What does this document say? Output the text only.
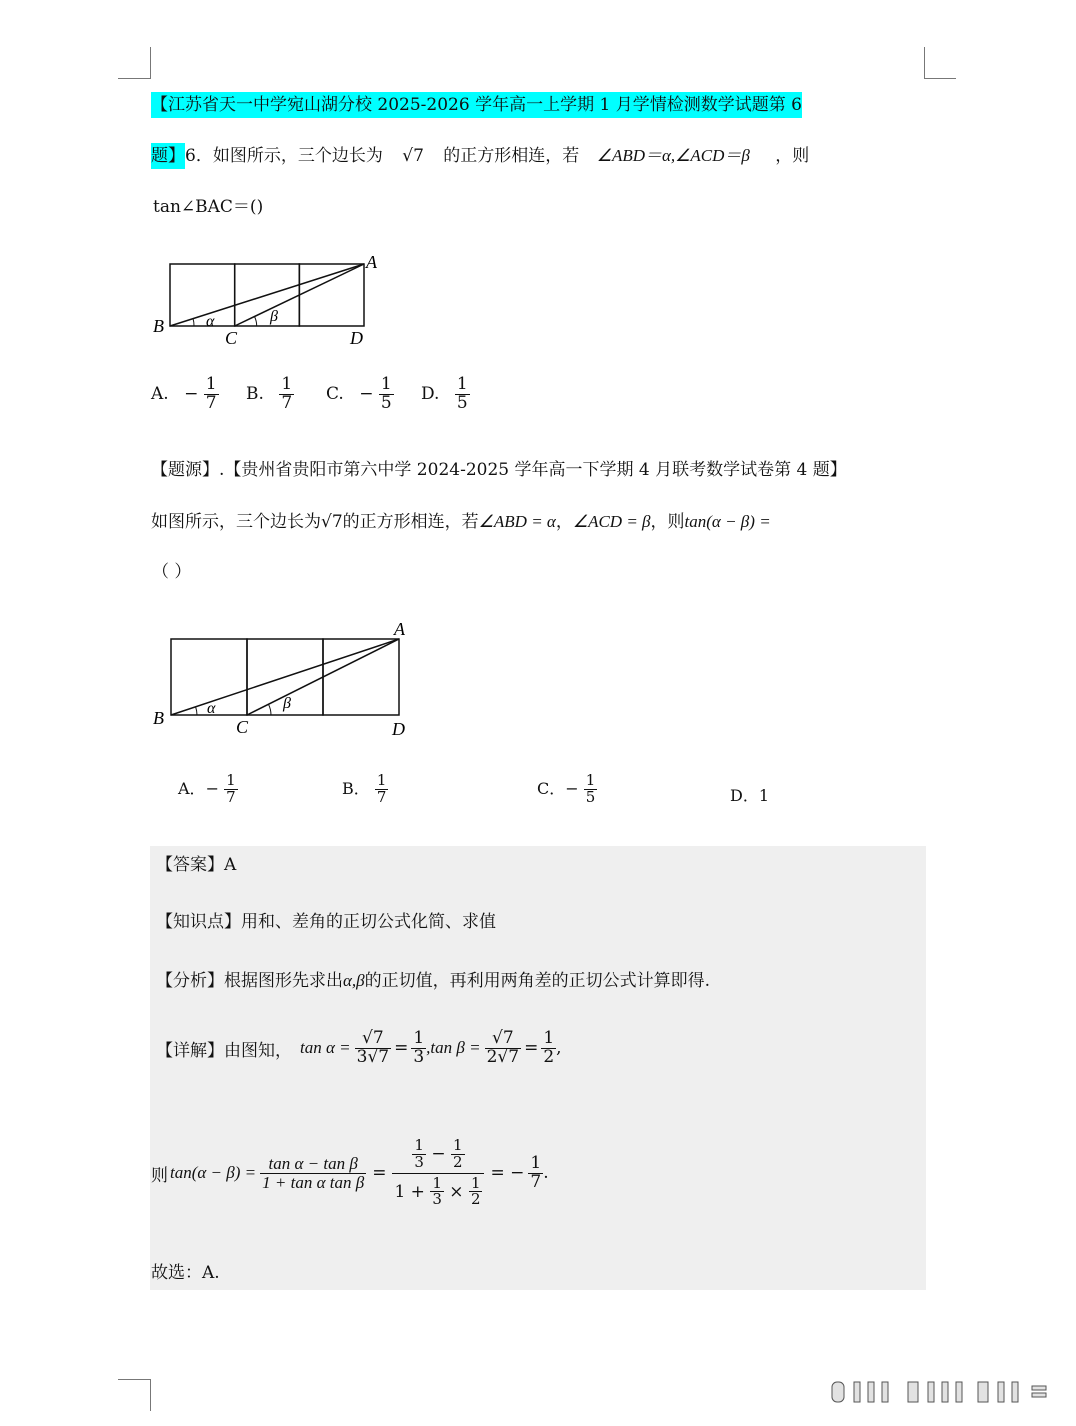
【江苏省天一中学宛山湖分校 2025-2026 学年高一上学期 1 月学情检测数学试题第 6
题】6．如图所示，三个边长为 √7 的正方形相连，若 ∠ABD＝α,∠ACD＝β ，则
tan∠BAC＝()
A
B
C	D
α	β
A. − $\frac{1}{7} B$. $\frac{1}{7} C$. − $\frac{1}{5} D$. $\frac{1}{5}$
【题源】.【贵州省贵阳市第六中学 2024-2025 学年高一下学期 4 月联考数学试卷第 4 题】
如图所示，三个边长为√7的正方形相连，若∠ABD = α，∠ACD = β，则tan(α − β) =
（ ）
A
B	C	D
α	β
A．− $\frac{1}{7}$	B． $\frac{1}{7}$	C．− $\frac{1}{5}$	D．1
【答案】A
【知识点】用和、差角的正切公式化简、求值
【分析】根据图形先求出α,β的正切值，再利用两角差的正切公式计算即得.
【详解】由图知， $\tan \alpha = \frac{√7}{3√7} = \frac{1}{3} ,\tan$ $\beta = \frac{√7}{2√7} = \frac{1}{2}$ ,
则 $\tan(\alpha - \beta) = \frac{\text{tan α − tan β}}{\text{1 + tan α tan β}} = \frac{\frac{1}{3} - \frac{1}{2}}{1 + \frac{1}{3} \times \frac{1}{2}}$ = − $\frac{1}{7}$ .
故选：A.
